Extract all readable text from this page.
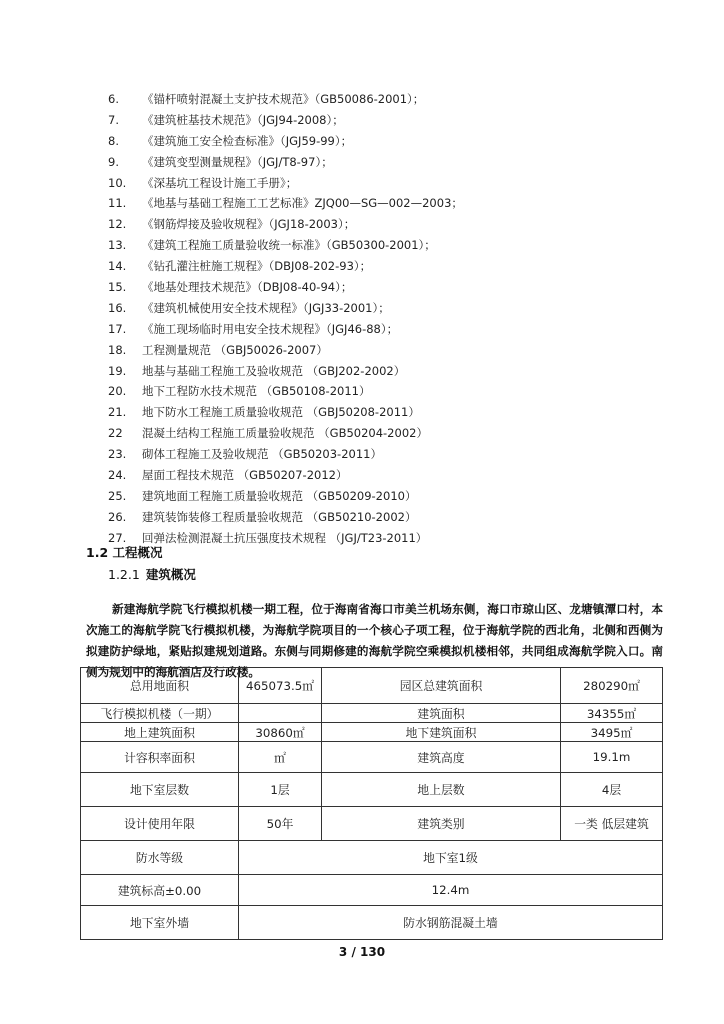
6. 《锚杆喷射混凝土支护技术规范》（GB50086-2001）；
7. 《建筑桩基技术规范》（JGJ94-2008）；
8. 《建筑施工安全检查标准》（JGJ59-99）；
9. 《建筑变型测量规程》（JGJ/T8-97）；
10. 《深基坑工程设计施工手册》；
11. 《地基与基础工程施工工艺标准》ZJQ00—SG—002—2003；
12. 《钢筋焊接及验收规程》（JGJ18-2003）；
13. 《建筑工程施工质量验收统一标准》（GB50300-2001）；
14. 《钻孔灌注桩施工规程》（DBJ08-202-93）；
15. 《地基处理技术规范》（DBJ08-40-94）；
16. 《建筑机械使用安全技术规程》（JGJ33-2001）；
17. 《施工现场临时用电安全技术规程》（JGJ46-88）；
18. 工程测量规范 （GBJ50026-2007）
19. 地基与基础工程施工及验收规范 （GBJ202-2002）
20. 地下工程防水技术规范 （GB50108-2011）
21. 地下防水工程施工质量验收规范 （GBJ50208-2011）
22 混凝土结构工程施工质量验收规范 （GB50204-2002）
23. 砌体工程施工及验收规范 （GB50203-2011）
24. 屋面工程技术规范 （GB50207-2012）
25. 建筑地面工程施工质量验收规范 （GB50209-2010）
26. 建筑装饰装修工程质量验收规范 （GB50210-2002）
27. 回弹法检测混凝土抗压强度技术规程 （JGJ/T23-2011）
1.2 工程概况
1.2.1 建筑概况

新建海航学院飞行模拟机楼一期工程，位于海南省海口市美兰机场东侧，海口市琼山区、龙塘镇潭口村，本次施工的海航学院飞行模拟机楼，为海航学院项目的一个核心子项工程，位于海航学院的西北角，北侧和西侧为拟建防护绿地，紧贴拟建规划道路。东侧与同期修建的海航学院空乘模拟机楼相邻，共同组成海航学院入口。南侧为规划中的海航酒店及行政楼。

总用地面积	465073.5㎡	园区总建筑面积	280290㎡
飞行模拟机楼（一期）		建筑面积	34355㎡
地上建筑面积	30860㎡	地下建筑面积	3495㎡
计容积率面积	㎡	建筑高度	19.1m
地下室层数	1层	地上层数	4层
设计使用年限	50年	建筑类别	一类 低层建筑
防水等级	地下室1级		
建筑标高±0.00	12.4m		
地下室外墙	防水钢筋混凝土墙		
3 / 130
